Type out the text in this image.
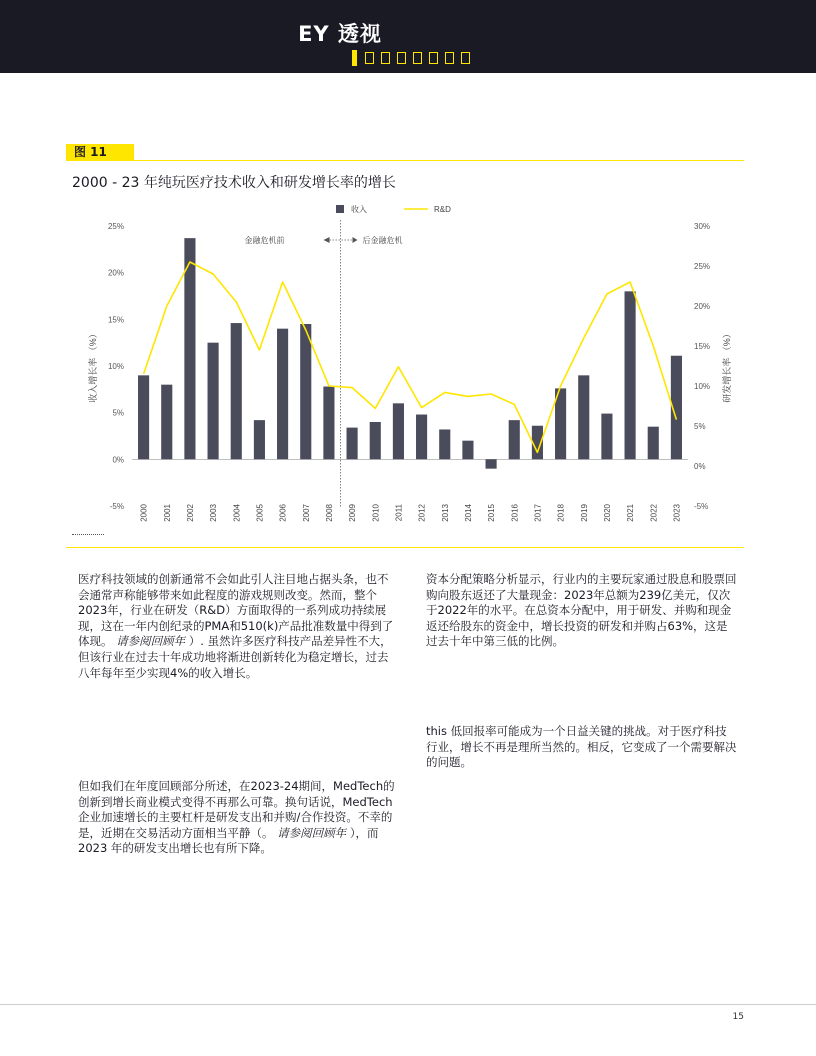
EY 透视
图 11
2000 - 23 年纯玩医疗技术收入和研发增长率的增长
25%
20%
15%
10%
5%
0%
-5%
30%
25%
20%
15%
10%
5%
0%
-5%
收入增长率 （%）	研发增长率 （%）
金融危机前	后金融危机
2000 2001 2002 2003 2004 2005 2006 2007 2008 2009 2010 2011 2012 2013 2014 2015 2016 2017 2018 2019 2020 2021 2022 2023
收入	R&D
医疗科技领域的创新通常不会如此引人注目地占据头条，也不会通常声称能够带来如此程度的游戏规则改变。然而，整个2023年，行业在研发（R&D）方面取得的一系列成功持续展现，这在一年内创纪录的PMA和510(k)产品批准数量中得到了体现。 请参阅回顾年 ）. 虽然许多医疗科技产品差异性不大，但该行业在过去十年成功地将渐进创新转化为稳定增长，过去八年每年至少实现4%的收入增长。
但如我们在年度回顾部分所述，在2023-24期间，MedTech的创新到增长商业模式变得不再那么可靠。换句话说，MedTech企业加速增长的主要杠杆是研发支出和并购/合作投资。不幸的是，近期在交易活动方面相当平静（。 请参阅回顾年 ），而 2023 年的研发支出增长也有所下降。
资本分配策略分析显示，行业内的主要玩家通过股息和股票回购向股东返还了大量现金：2023年总额为239亿美元，仅次于2022年的水平。在总资本分配中，用于研发、并购和现金返还给股东的资金中，增长投资的研发和并购占63%，这是过去十年中第三低的比例。
this 低回报率可能成为一个日益关键的挑战。对于医疗科技行业，增长不再是理所当然的。相反，它变成了一个需要解决的问题。
15
